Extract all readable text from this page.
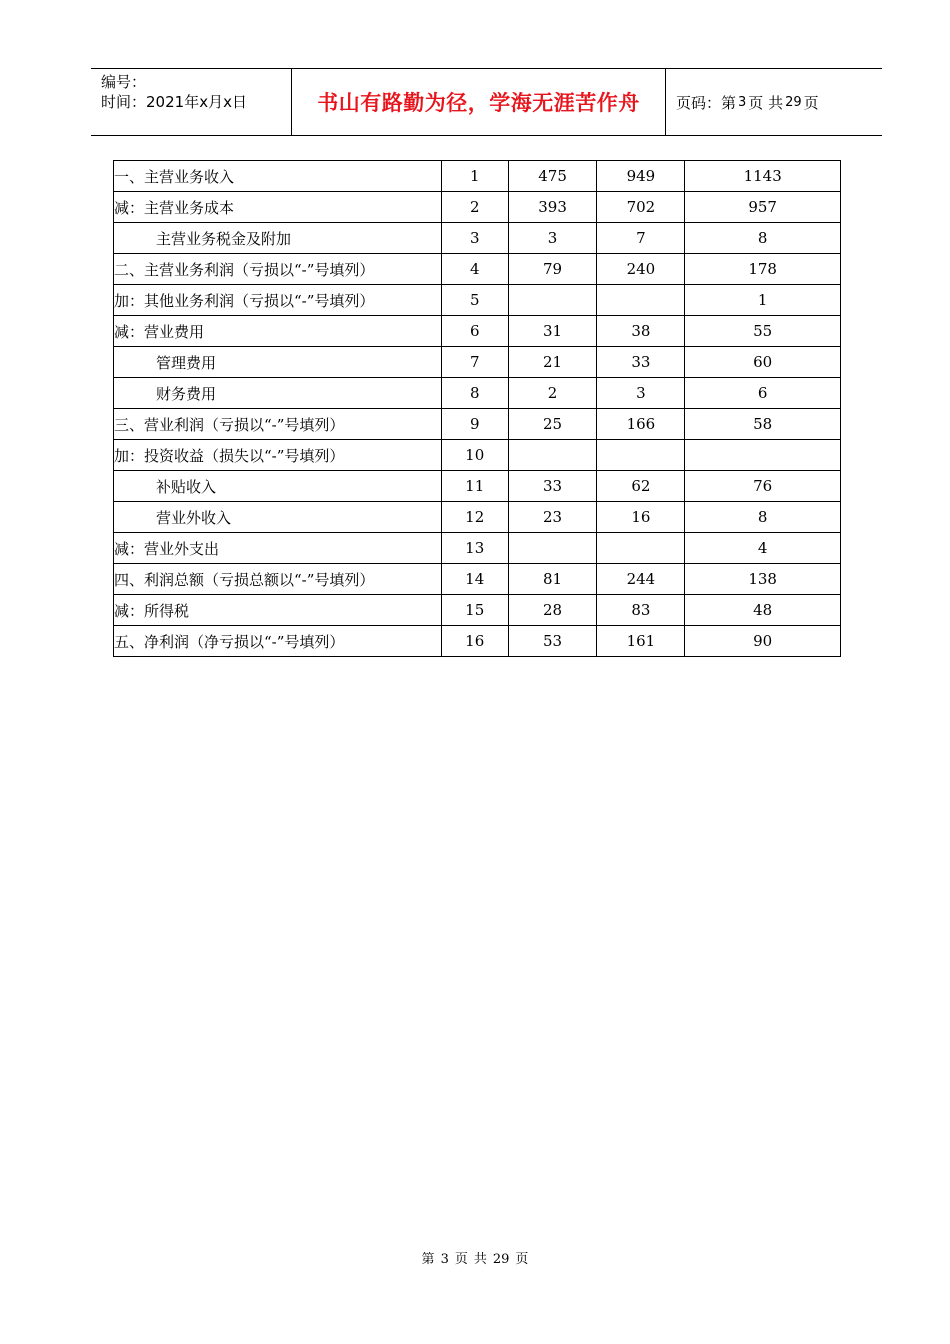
编号：
时间：2021年x月x日	书山有路勤为径，学海无涯苦作舟	页码：第 3 页 共 29 页
一、主营业务收入	1	475	949	1143
减：主营业务成本	2	393	702	957
主营业务税金及附加	3	3	7	8
二、主营业务利润（亏损以“-”号填列）	4	79	240	178
加：其他业务利润（亏损以“-”号填列）	5			1
减：营业费用	6	31	38	55
管理费用	7	21	33	60
财务费用	8	2	3	6
三、营业利润（亏损以“-”号填列）	9	25	166	58
加：投资收益（损失以“-”号填列）	10			
补贴收入	11	33	62	76
营业外收入	12	23	16	8
减：营业外支出	13			4
四、利润总额（亏损总额以“-”号填列）	14	81	244	138
减：所得税	15	28	83	48
五、净利润（净亏损以“-”号填列）	16	53	161	90
第 3 页 共 29 页
